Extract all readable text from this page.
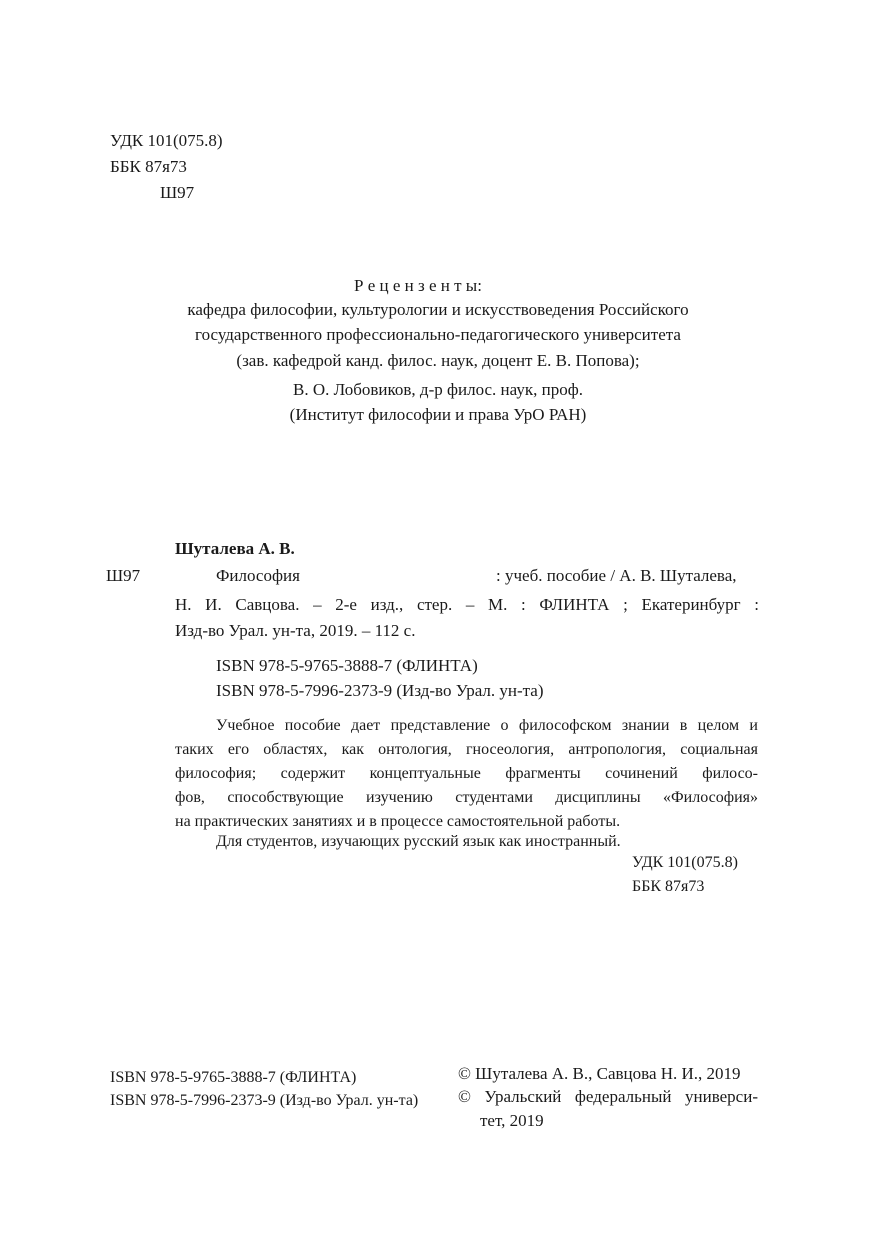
УДК 101(075.8)
ББК 87я73
Ш97
Р е ц е н з е н т ы:
кафедра философии, культурологии и искусствоведения Российского
государственного профессионально-педагогического университета
(зав. кафедрой канд. филос. наук, доцент Е. В. Попова);
В. О. Лобовиков, д-р филос. наук, проф.
(Институт философии и права УрО РАН)
Шуталева А. В.
Ш97	Философия	: учеб. пособие / А. В. Шуталева,
Н. И. Савцова. – 2-е изд., стер. – М. : ФЛИНТА ; Екатеринбург :
Изд-во Урал. ун-та, 2019. – 112 с.
ISBN 978-5-9765-3888-7 (ФЛИНТА)
ISBN 978-5-7996-2373-9 (Изд-во Урал. ун-та)
Учебное пособие дает представление о философском знании в целом и
таких его областях, как онтология, гносеология, антропология, социальная
философия; содержит концептуальные фрагменты сочинений филосо-
фов, способствующие изучению студентами дисциплины «Философия»
на практических занятиях и в процессе самостоятельной работы.
Для студентов, изучающих русский язык как иностранный.
УДК 101(075.8)
ББК 87я73
ISBN 978-5-9765-3888-7 (ФЛИНТА)
ISBN 978-5-7996-2373-9 (Изд-во Урал. ун-та)
© Шуталева А. В., Савцова Н. И., 2019
© Уральский федеральный универси-
тет, 2019
